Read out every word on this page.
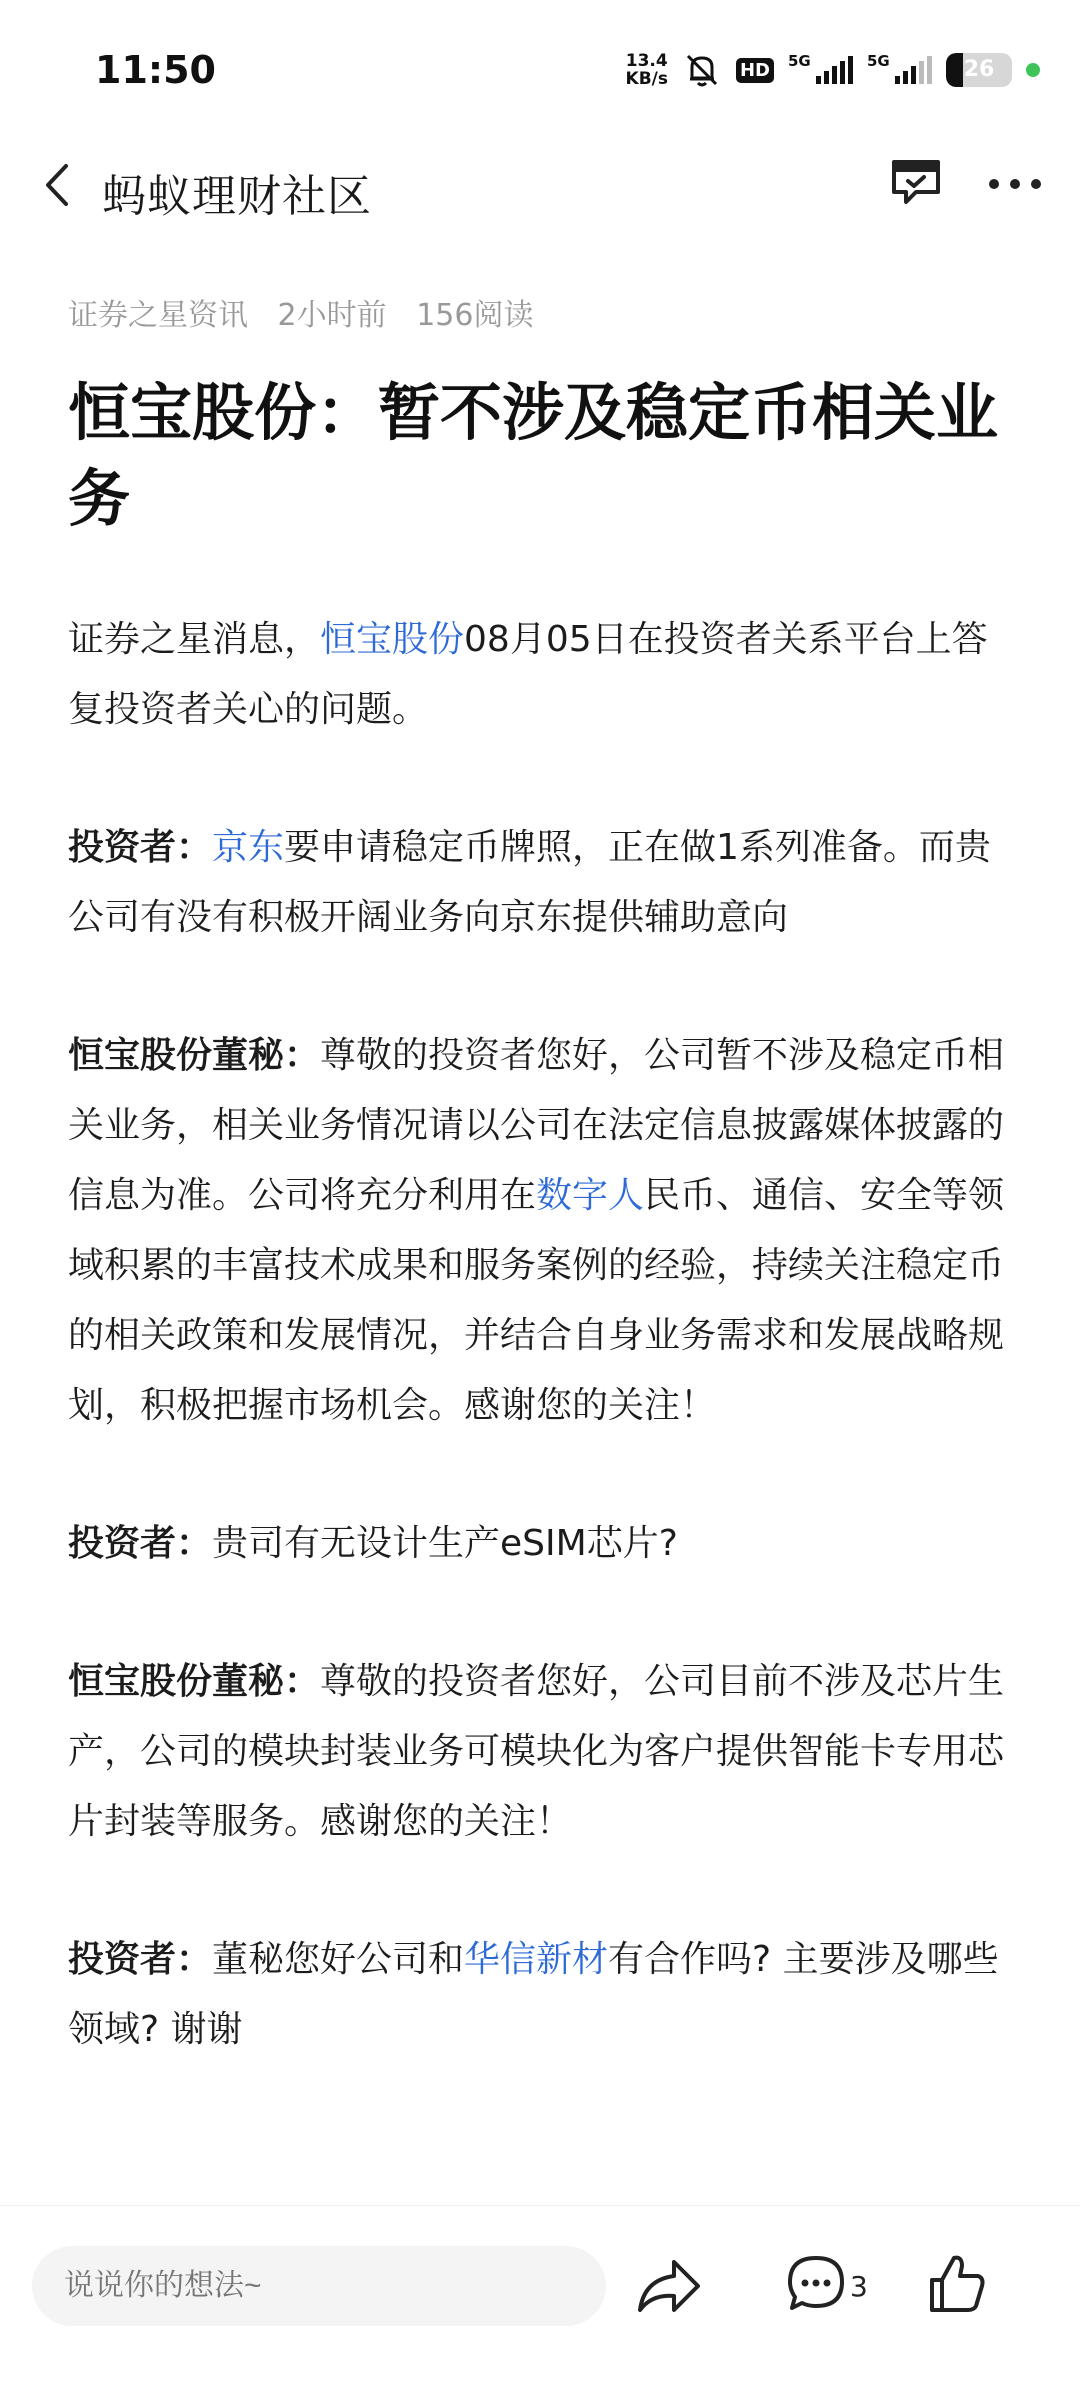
11:50	13.4
KB/s	HD 5G	5G	26
蚂蚁理财社区
证券之星资讯 2小时前 156阅读
恒宝股份：暂不涉及稳定币相关业务

证券之星消息，恒宝股份08月05日在投资者关系平台上答复投资者关心的问题。

投资者：京东要申请稳定币牌照，正在做1系列准备。而贵公司有没有积极开阔业务向京东提供辅助意向

恒宝股份董秘：尊敬的投资者您好，公司暂不涉及稳定币相关业务，相关业务情况请以公司在法定信息披露媒体披露的信息为准。公司将充分利用在数字人民币、通信、安全等领域积累的丰富技术成果和服务案例的经验，持续关注稳定币的相关政策和发展情况，并结合自身业务需求和发展战略规划，积极把握市场机会。感谢您的关注！

投资者：贵司有无设计生产eSIM芯片?

恒宝股份董秘：尊敬的投资者您好，公司目前不涉及芯片生产，公司的模块封装业务可模块化为客户提供智能卡专用芯片封装等服务。感谢您的关注！

投资者：董秘您好公司和华信新材有合作吗? 主要涉及哪些领域? 谢谢

说说你的想法~
3
